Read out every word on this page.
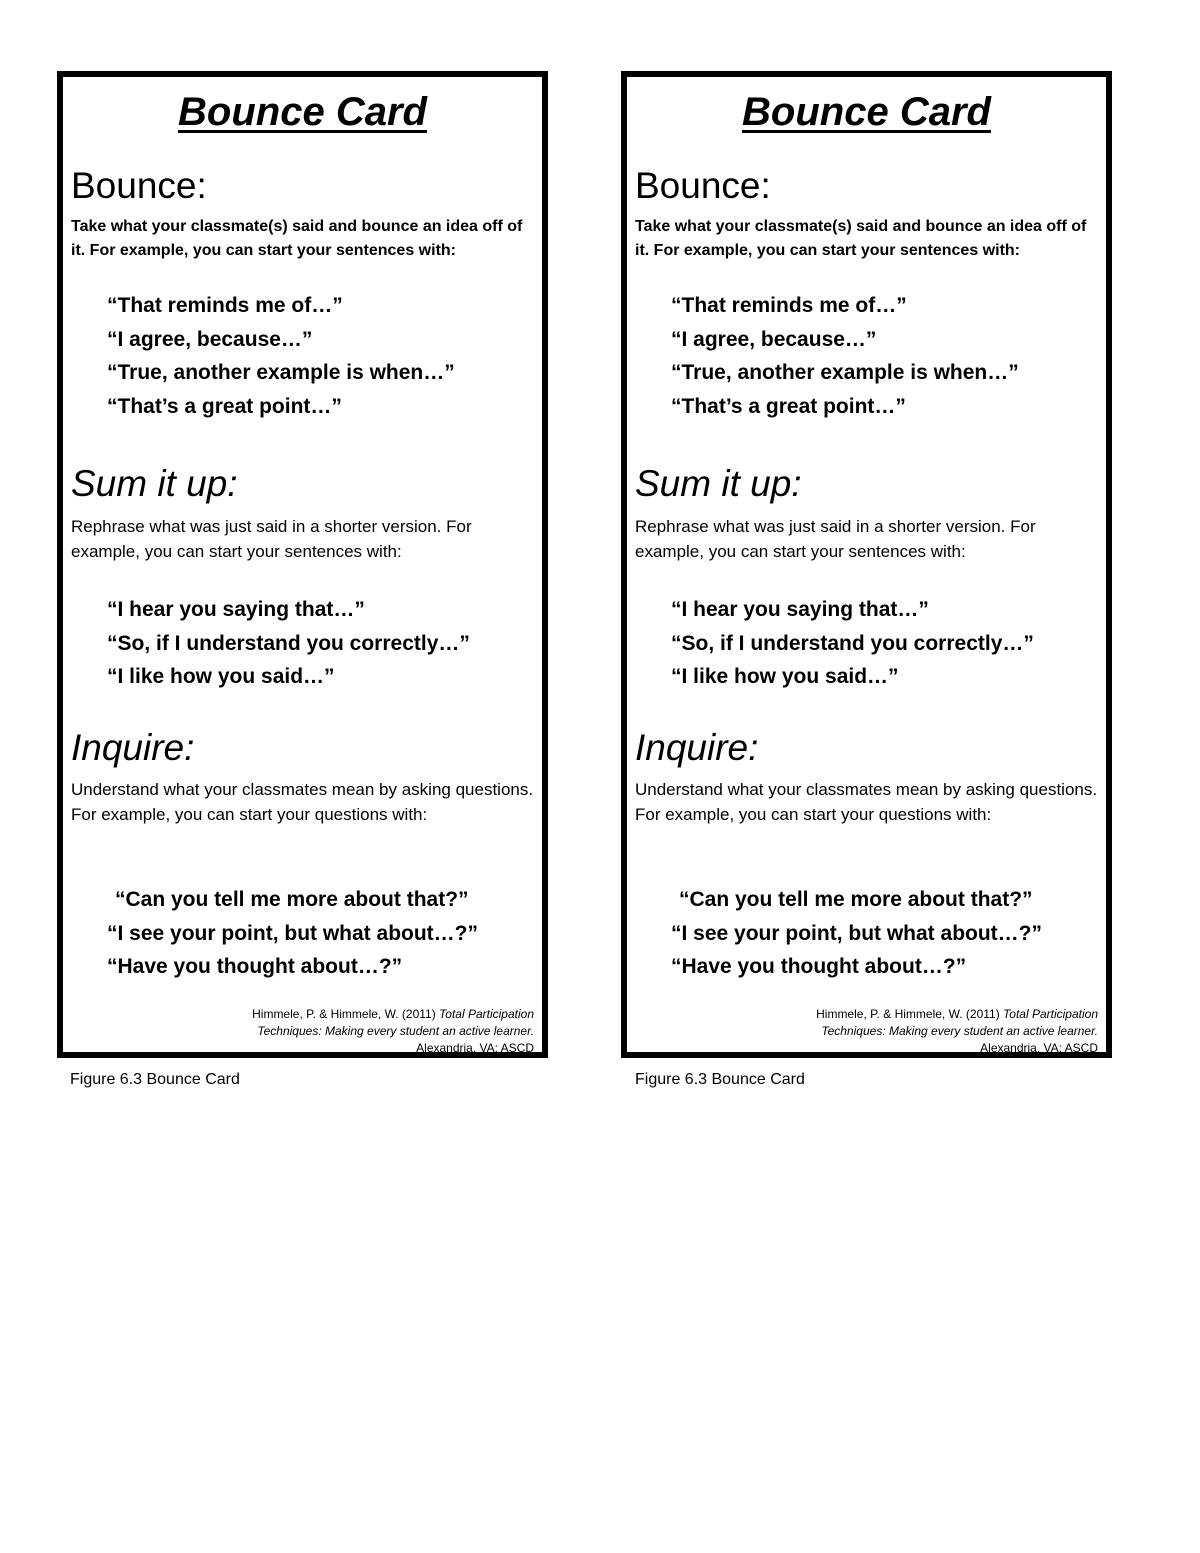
Bounce Card
Bounce:
Take what your classmate(s) said and bounce an idea off of it. For example, you can start your sentences with:
“That reminds me of…”
“I agree, because…”
“True, another example is when…”
“That’s a great point…”
Sum it up:
Rephrase what was just said in a shorter version. For example, you can start your sentences with:
“I hear you saying that…”
“So, if I understand you correctly…”
“I like how you said…”
Inquire:
Understand what your classmates mean by asking questions. For example, you can start your questions with:
“Can you tell me more about that?”
“I see your point, but what about…?”
“Have you thought about…?”
Himmele, P. & Himmele, W. (2011) Total Participation
Techniques: Making every student an active learner.
Alexandria, VA: ASCD
Figure 6.3 Bounce Card
Bounce Card
Bounce:
Take what your classmate(s) said and bounce an idea off of it. For example, you can start your sentences with:
“That reminds me of…”
“I agree, because…”
“True, another example is when…”
“That’s a great point…”
Sum it up:
Rephrase what was just said in a shorter version. For example, you can start your sentences with:
“I hear you saying that…”
“So, if I understand you correctly…”
“I like how you said…”
Inquire:
Understand what your classmates mean by asking questions. For example, you can start your questions with:
“Can you tell me more about that?”
“I see your point, but what about…?”
“Have you thought about…?”
Himmele, P. & Himmele, W. (2011) Total Participation
Techniques: Making every student an active learner.
Alexandria, VA: ASCD
Figure 6.3 Bounce Card
